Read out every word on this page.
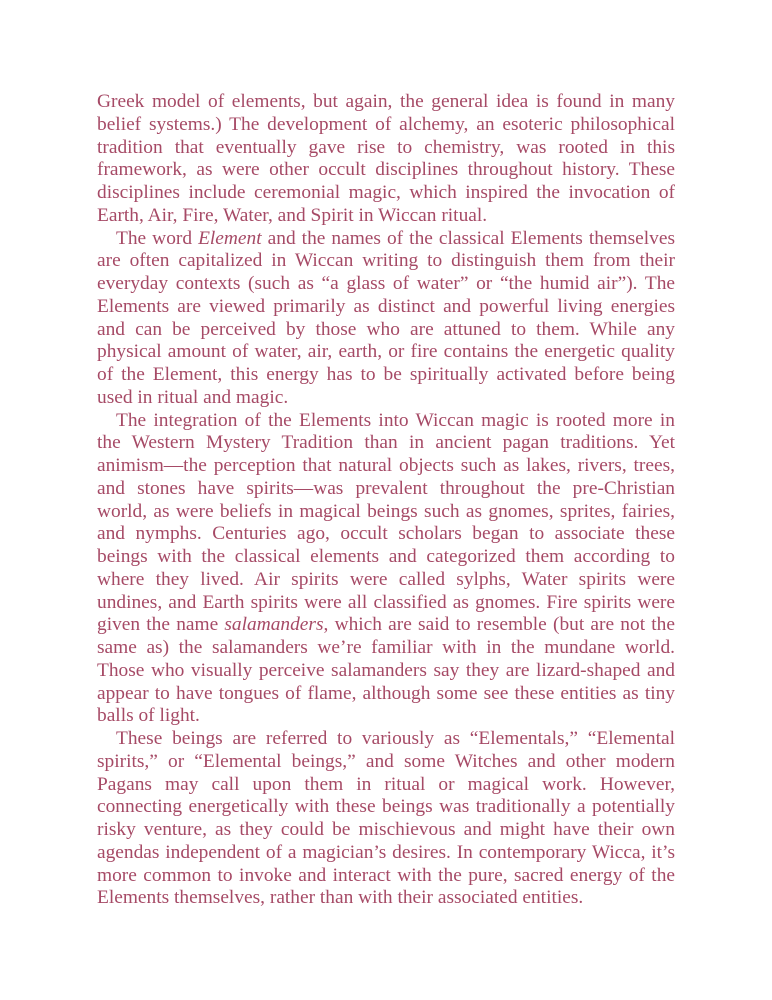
Greek model of elements, but again, the general idea is found in many belief systems.) The development of alchemy, an esoteric philosophical tradition that eventually gave rise to chemistry, was rooted in this framework, as were other occult disciplines throughout history. These disciplines include ceremonial magic, which inspired the invocation of Earth, Air, Fire, Water, and Spirit in Wiccan ritual.

The word Element and the names of the classical Elements themselves are often capitalized in Wiccan writing to distinguish them from their everyday contexts (such as “a glass of water” or “the humid air”). The Elements are viewed primarily as distinct and powerful living energies and can be perceived by those who are attuned to them. While any physical amount of water, air, earth, or fire contains the energetic quality of the Element, this energy has to be spiritually activated before being used in ritual and magic.

The integration of the Elements into Wiccan magic is rooted more in the Western Mystery Tradition than in ancient pagan traditions. Yet animism—the perception that natural objects such as lakes, rivers, trees, and stones have spirits—was prevalent throughout the pre-Christian world, as were beliefs in magical beings such as gnomes, sprites, fairies, and nymphs. Centuries ago, occult scholars began to associate these beings with the classical elements and categorized them according to where they lived. Air spirits were called sylphs, Water spirits were undines, and Earth spirits were all classified as gnomes. Fire spirits were given the name salamanders, which are said to resemble (but are not the same as) the salamanders we’re familiar with in the mundane world. Those who visually perceive salamanders say they are lizard-shaped and appear to have tongues of flame, although some see these entities as tiny balls of light.

These beings are referred to variously as “Elementals,” “Elemental spirits,” or “Elemental beings,” and some Witches and other modern Pagans may call upon them in ritual or magical work. However, connecting energetically with these beings was traditionally a potentially risky venture, as they could be mischievous and might have their own agendas independent of a magician’s desires. In contemporary Wicca, it’s more common to invoke and interact with the pure, sacred energy of the Elements themselves, rather than with their associated entities.
